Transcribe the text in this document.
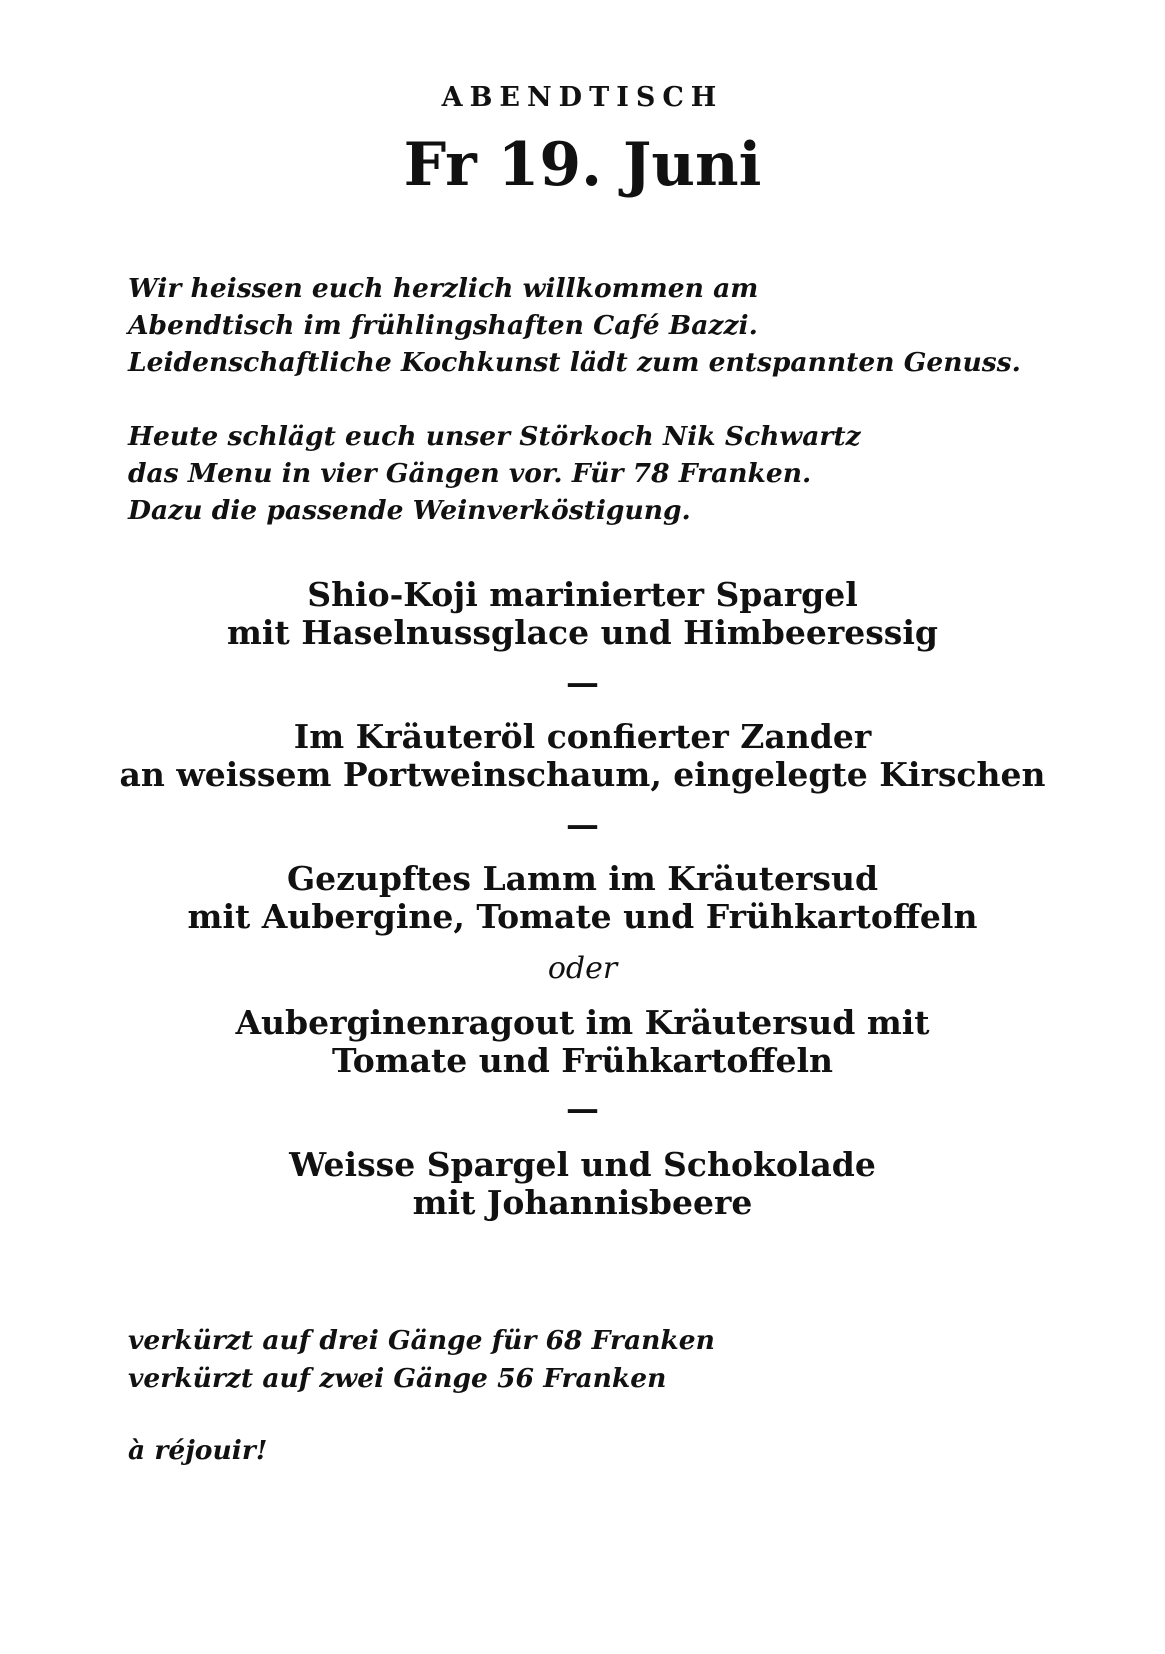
ABENDTISCH
Fr 19. Juni
Wir heissen euch herzlich willkommen am
Abendtisch im frühlingshaften Café Bazzi.
Leidenschaftliche Kochkunst lädt zum entspannten Genuss.
Heute schlägt euch unser Störkoch Nik Schwartz
das Menu in vier Gängen vor. Für 78 Franken.
Dazu die passende Weinverköstigung.
Shio-Koji marinierter Spargel
mit Haselnussglace und Himbeeressig
—
Im Kräuteröl confierter Zander
an weissem Portweinschaum, eingelegte Kirschen
—
Gezupftes Lamm im Kräutersud
mit Aubergine, Tomate und Frühkartoffeln
oder
Auberginenragout im Kräutersud mit
Tomate und Frühkartoffeln
—
Weisse Spargel und Schokolade
mit Johannisbeere
verkürzt auf drei Gänge für 68 Franken
verkürzt auf zwei Gänge 56 Franken
à réjouir!
